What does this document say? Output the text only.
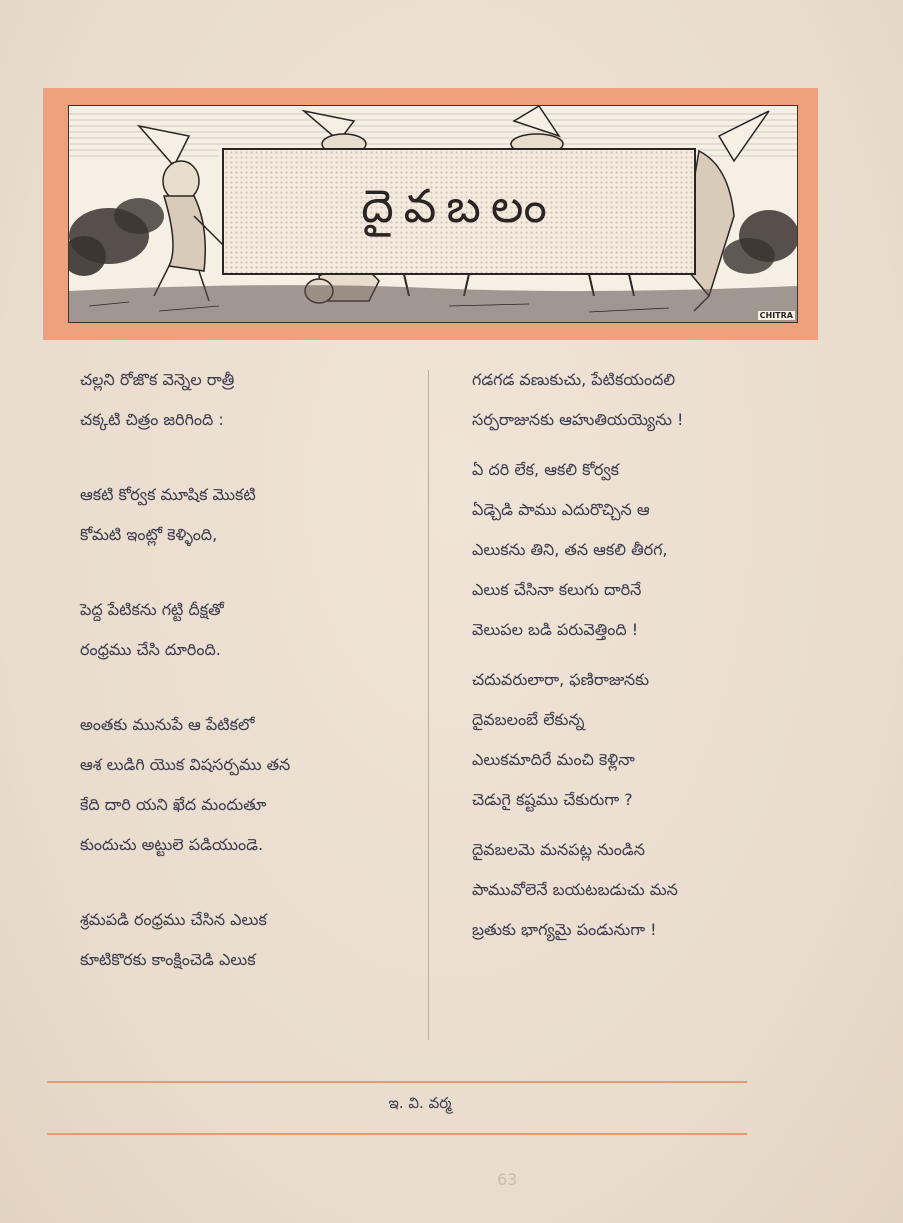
దైవబలం
CHITRA
చల్లని రోజొక వెన్నెల రాత్రీ
చక్కటి చిత్రం జరిగింది :
ఆకటి కోర్వక మూషిక మొకటి
కోమటి ఇంట్లో కెళ్ళింది,
పెద్ద పేటికను గట్టి దీక్షతో
రంధ్రము చేసి దూరింది.
అంతకు మునుపే ఆ పేటికలో
ఆశ లుడిగి యొక విషసర్పము తన
కేది దారి యని ఖేద మందుతూ
కుందుచు అట్టులె పడియుండె.
శ్రమపడి రంధ్రము చేసిన ఎలుక
కూటికొరకు కాంక్షించెడి ఎలుక
గడగడ వణుకుచు, పేటికయందలి
సర్పరాజునకు ఆహుతియయ్యెను !
ఏ దరి లేక, ఆకలి కోర్వక
ఏడ్చెడి పాము ఎదురొచ్చిన ఆ
ఎలుకను తిని, తన ఆకలి తీరగ,
ఎలుక చేసినా కలుగు దారినే
వెలుపల బడి పరువెత్తింది !
చదువరులారా, ఫణిరాజునకు
దైవబలంబే లేకున్న
ఎలుకమాదిరే మంచి కెళ్లినా
చెడుగై కష్టము చేకురుగా ?
దైవబలమె మనపట్ల నుండిన
పామువోలెనే బయటబడుచు మన
బ్రతుకు భాగ్యమై పండునుగా !
ఇ. వి. వర్మ
63
